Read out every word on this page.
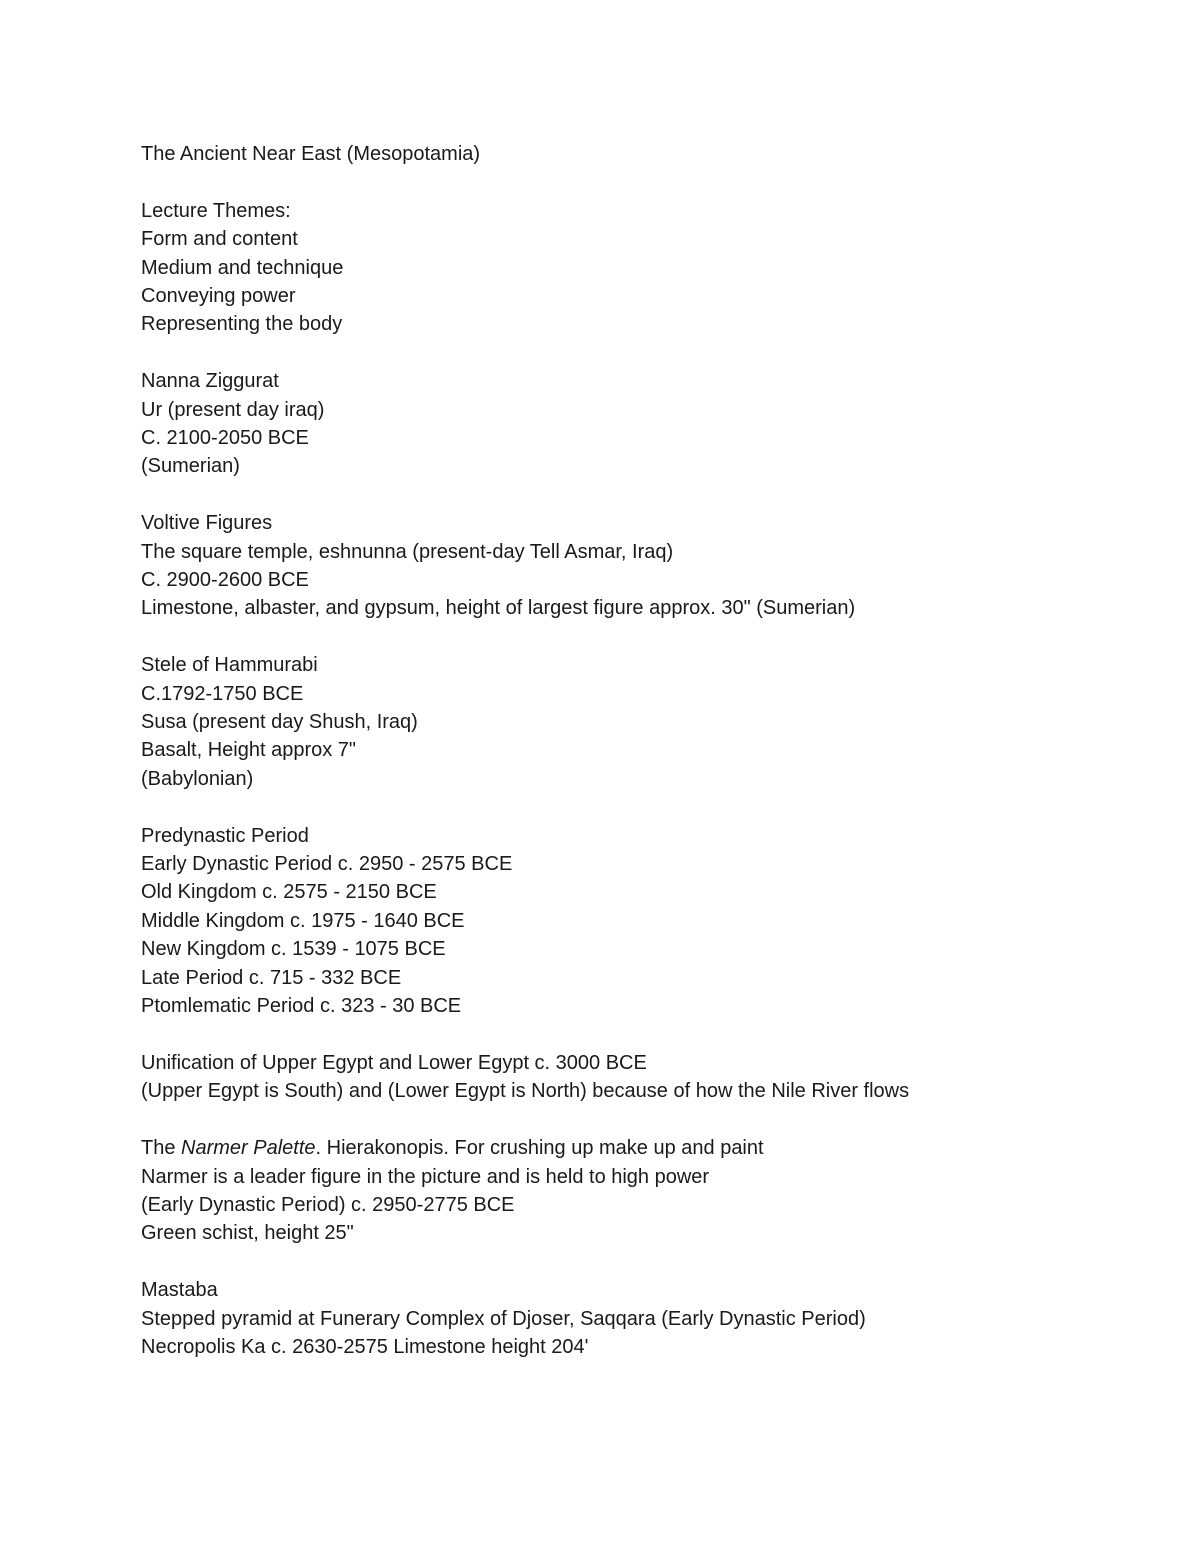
The Ancient Near East (Mesopotamia)
Lecture Themes:
Form and content
Medium and technique
Conveying power
Representing the body
Nanna Ziggurat
Ur (present day iraq)
C. 2100-2050 BCE
(Sumerian)
Voltive Figures
The square temple, eshnunna (present-day Tell Asmar, Iraq)
C. 2900-2600 BCE
Limestone, albaster, and gypsum, height of largest figure approx. 30" (Sumerian)
Stele of Hammurabi
C.1792-1750 BCE
Susa (present day Shush, Iraq)
Basalt, Height approx 7"
(Babylonian)
Predynastic Period
Early Dynastic Period c. 2950 - 2575 BCE
Old Kingdom c. 2575 - 2150 BCE
Middle Kingdom c. 1975 - 1640 BCE
New Kingdom c. 1539 - 1075 BCE
Late Period c. 715 - 332 BCE
Ptomlematic Period c. 323 - 30 BCE
Unification of Upper Egypt and Lower Egypt c. 3000 BCE
(Upper Egypt is South) and (Lower Egypt is North) because of how the Nile River flows
The Narmer Palette. Hierakonopis. For crushing up make up and paint
Narmer is a leader figure in the picture and is held to high power
(Early Dynastic Period) c. 2950-2775 BCE
Green schist, height 25"
Mastaba
Stepped pyramid at Funerary Complex of Djoser, Saqqara (Early Dynastic Period)
Necropolis Ka c. 2630-2575 Limestone height 204'
